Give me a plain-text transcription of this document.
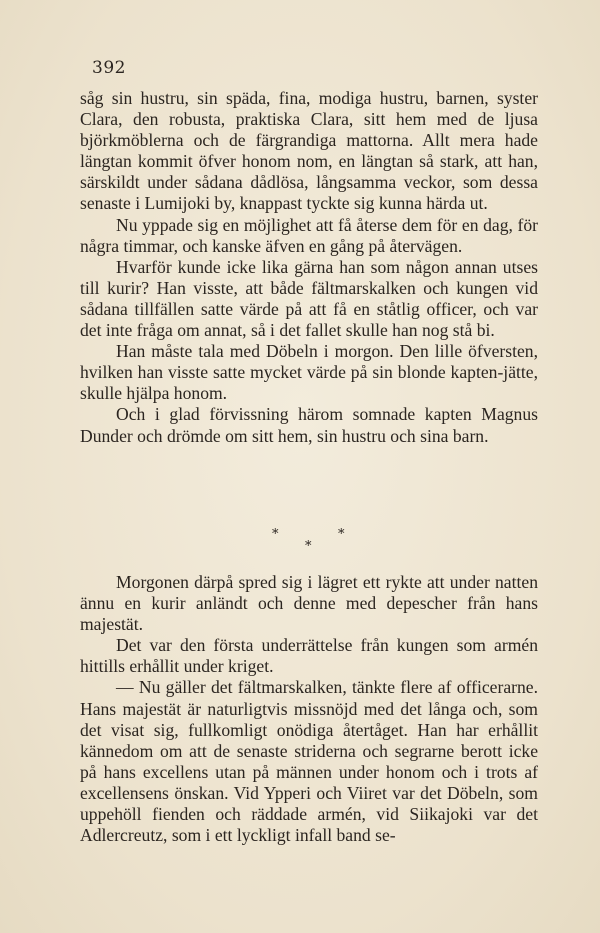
392

såg sin hustru, sin späda, fina, modiga hustru, barnen, syster Clara, den robusta, praktiska Clara, sitt hem med de ljusa björkmöblerna och de färgrandiga mattorna. Allt mera hade längtan kommit öfver honom nom, en längtan så stark, att han, särskildt under sådana dådlösa, långsamma veckor, som dessa senaste i Lumijoki by, knappast tyckte sig kunna härda ut.

Nu yppade sig en möjlighet att få återse dem för en dag, för några timmar, och kanske äfven en gång på återvägen.

Hvarför kunde icke lika gärna han som någon annan utses till kurir? Han visste, att både fältmarskalken och kungen vid sådana tillfällen satte värde på att få en ståtlig officer, och var det inte fråga om annat, så i det fallet skulle han nog stå bi.

Han måste tala med Döbeln i morgon. Den lille öfversten, hvilken han visste satte mycket värde på sin blonde kapten-jätte, skulle hjälpa honom.

Och i glad förvissning härom somnade kapten Magnus Dunder och drömde om sitt hem, sin hustru och sina barn.

*	*
*

Morgonen därpå spred sig i lägret ett rykte att under natten ännu en kurir anländt och denne med depescher från hans majestät.

Det var den första underrättelse från kungen som armén hittills erhållit under kriget.

— Nu gäller det fältmarskalken, tänkte flere af officerarne. Hans majestät är naturligtvis missnöjd med det långa och, som det visat sig, fullkomligt onödiga återtåget. Han har erhållit kännedom om att de senaste striderna och segrarne berott icke på hans excellens utan på männen under honom och i trots af excellensens önskan. Vid Ypperi och Viiret var det Döbeln, som uppehöll fienden och räddade armén, vid Siikajoki var det Adlercreutz, som i ett lyckligt infall band se-
